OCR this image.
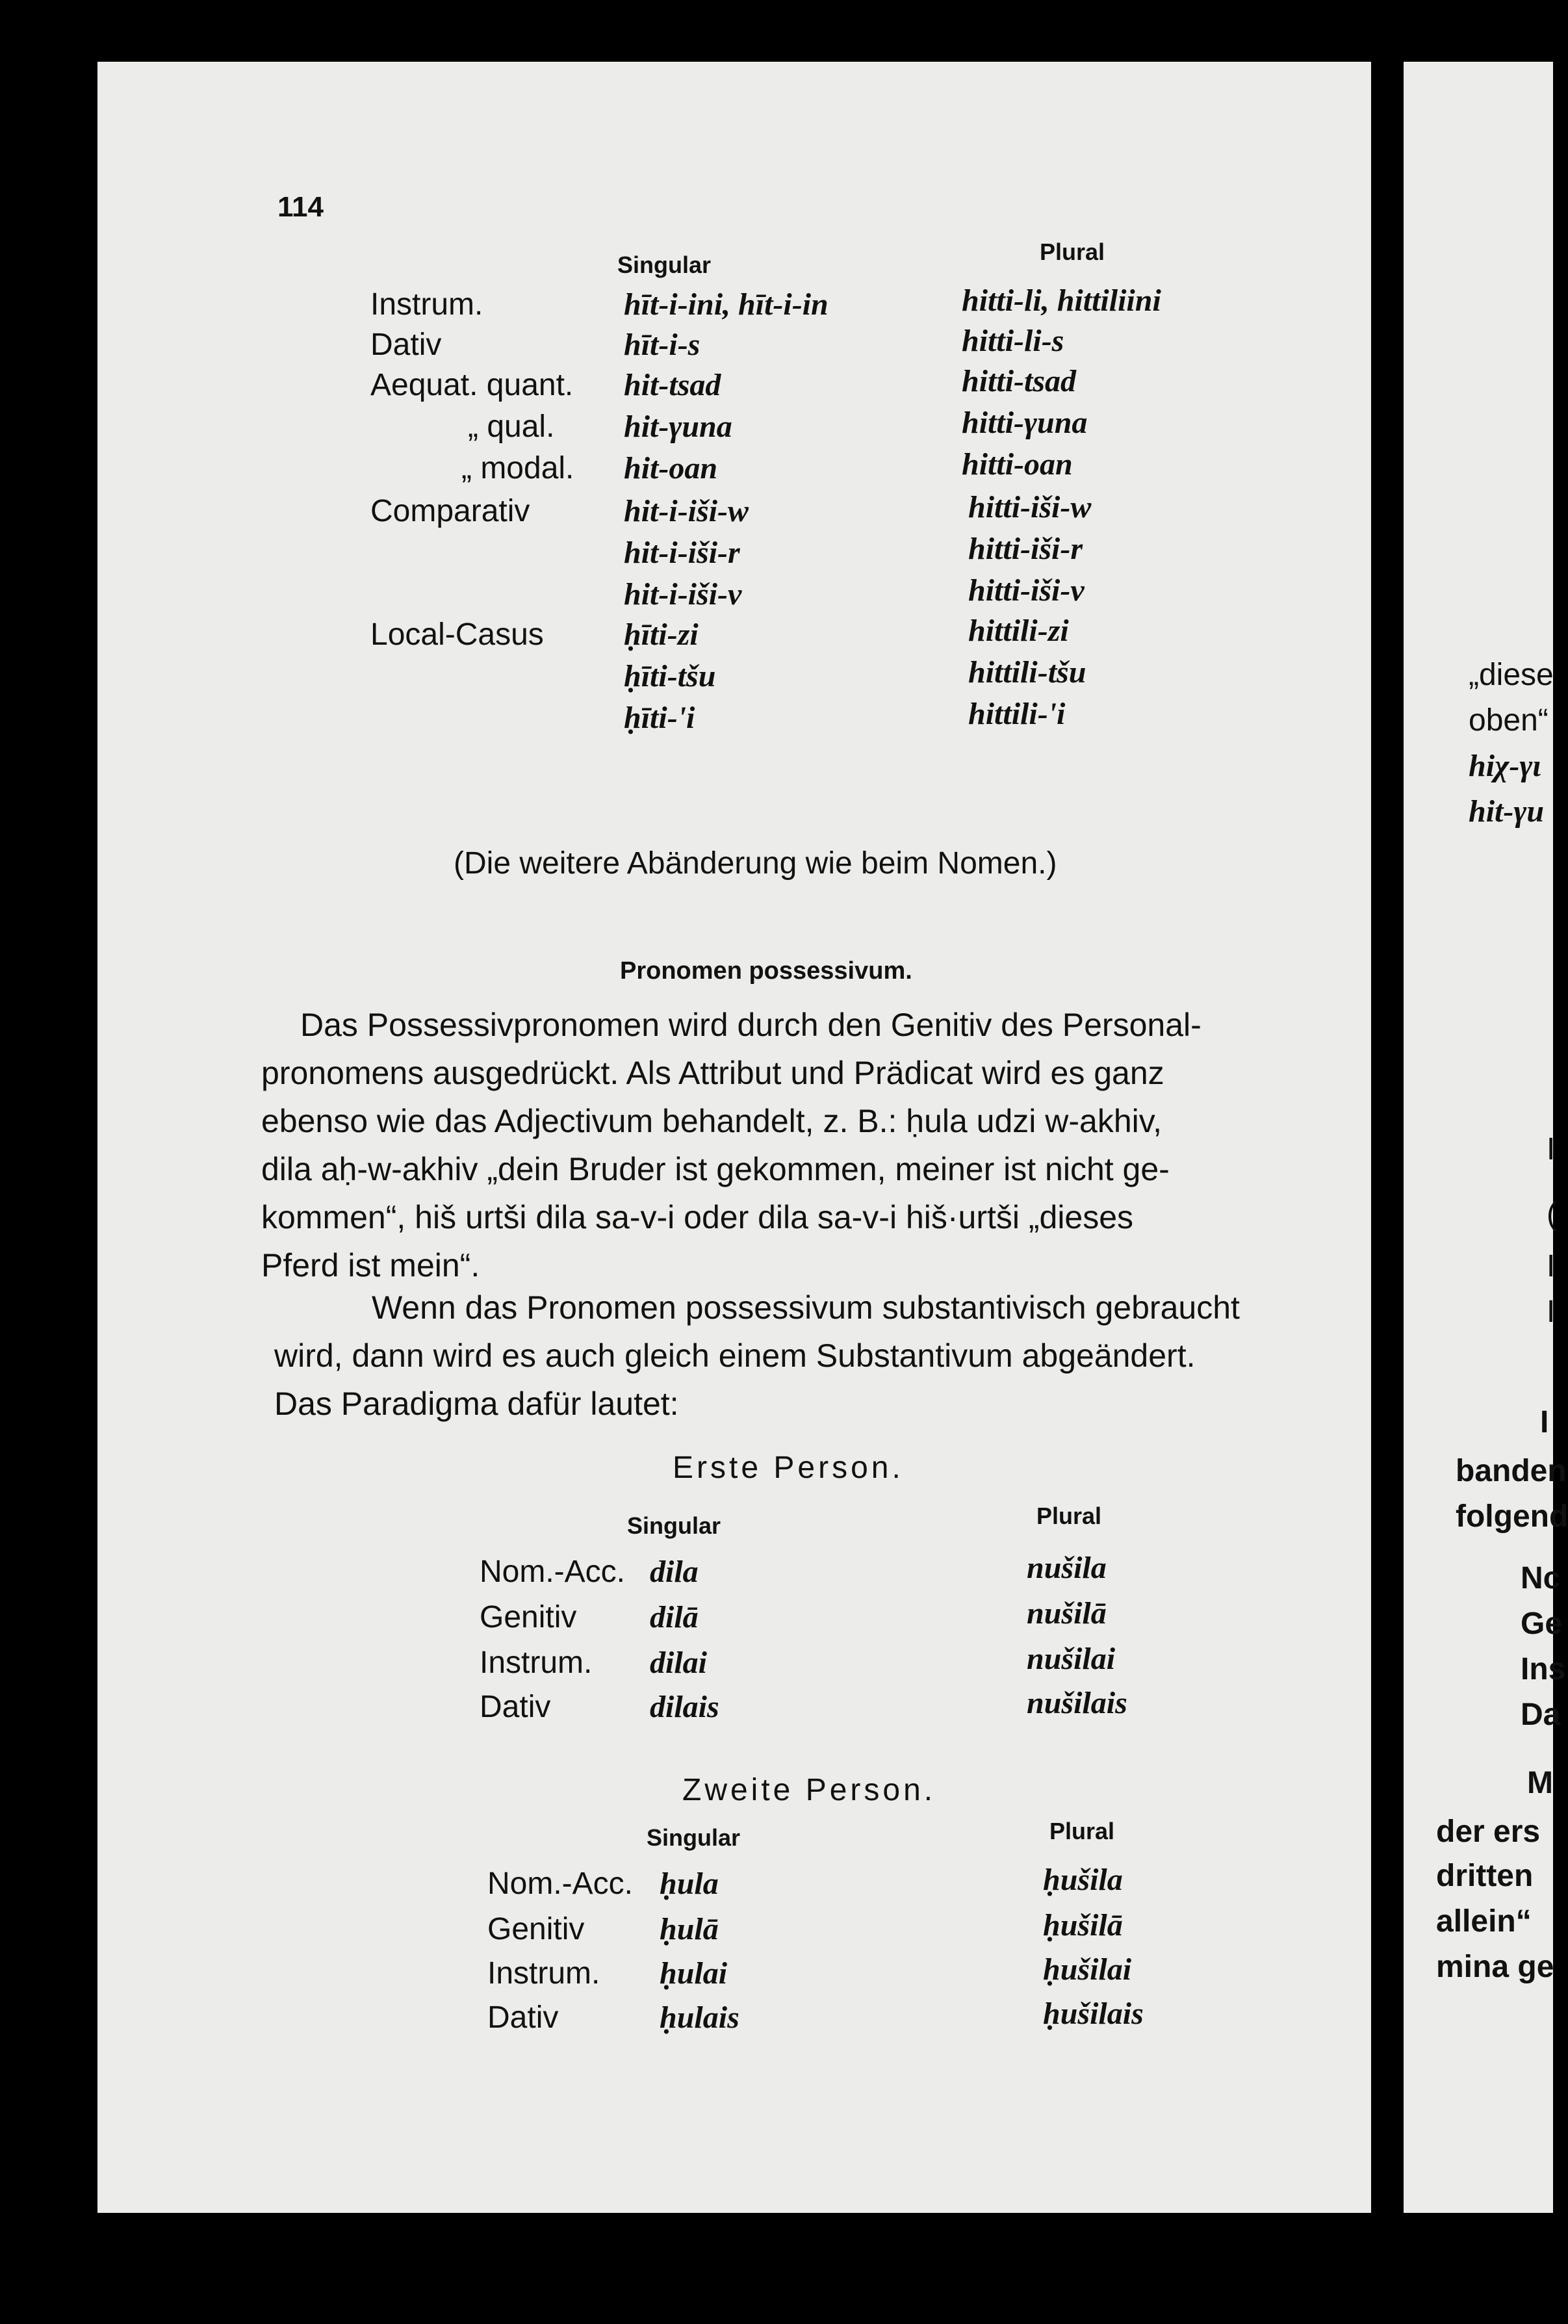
114
Singular	Plural
Instrum.	hīt-i-ini, hīt-i-in	hitti-li, hittiliini
Dativ	hīt-i-s	hitti-li-s
Aequat. quant. hit-tsad	hitti-tsad
„ qual. hit-γuna	hitti-γuna
„ modal. hit-oan	hitti-oan
Comparativ	hit-i-iši-w	hitti-iši-w
hit-i-iši-r	hitti-iši-r
hit-i-iši-v	hitti-iši-v
Local-Casus	ḥīti-zi	hittili-zi
ḥīti-tšu	hittili-tšu
ḥīti-'i	hittili-'i
(Die weitere Abänderung wie beim Nomen.)
Pronomen possessivum.
Das Possessivpronomen wird durch den Genitiv des Personal-
pronomens ausgedrückt. Als Attribut und Prädicat wird es ganz
ebenso wie das Adjectivum behandelt, z. B.: ḥula udzi w-akhiv,
dila aḥ-w-akhiv „dein Bruder ist gekommen, meiner ist nicht ge-
kommen“, hiš urtši dila sa-v-i oder dila sa-v-i hiš·urtši „dieses
Pferd ist mein“.
Wenn das Pronomen possessivum substantivisch gebraucht
wird, dann wird es auch gleich einem Substantivum abgeändert.
Das Paradigma dafür lautet:
Erste Person.
Singular	Plural
Nom.-Acc. dila	nušila
Genitiv dilā	nušilā
Instrum. dilai	nušilai
Dativ	dilais	nušilais
Zweite Person.
Singular	Plural
Nom.-Acc. ḥula	ḥušila
Genitiv ḥulā	ḥušilā
Instrum. ḥulai	ḥušilai
Dativ	ḥulais	ḥušilais
„diese
oben“
hiχ-γι
hit-γu
I
(
I
I
I
banden
folgend
Nc
Ge
Ins
Da
M
der ers
dritten
allein“
mina ge
